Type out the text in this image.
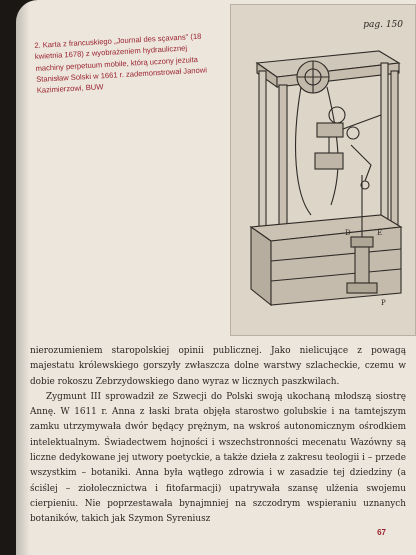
2. Karta z francuskiego „Journal des sçavans" (18 kwietnia 1678) z wyobrażeniem hydraulicznej machiny perpetuum mobile, którą uczony jezuita Stanisław Solski w 1661 r. zademonstrował Janowi Kazimierzowi, BUW
pag. 150
D	E
P

nierozumieniem staropolskiej opinii publicznej. Jako nielicujące z powagą majestatu królewskiego gorszyły zwłaszcza dolne warstwy szlacheckie, czemu w dobie rokoszu Zebrzydowskiego dano wyraz w licznych paszkwilach.

Zygmunt III sprowadził ze Szwecji do Polski swoją ukochaną młodszą siostrę Annę. W 1611 r. Anna z łaski brata objęła starostwo golubskie i na tamtejszym zamku utrzymywała dwór będący prężnym, na wskroś autonomicznym ośrodkiem intelektualnym. Świadectwem hojności i wszechstronności mecenatu Wazówny są liczne dedykowane jej utwory poetyckie, a także dzieła z zakresu teologii i – przede wszystkim – botaniki. Anna była wątłego zdrowia i w zasadzie tej dziedziny (a ściślej – ziołolecznictwa i fitofarmacji) upatrywała szansę ulżenia swojemu cierpieniu. Nie poprzestawała bynajmniej na szczodrym wspieraniu uznanych botaników, takich jak Szymon Syreniusz

67
